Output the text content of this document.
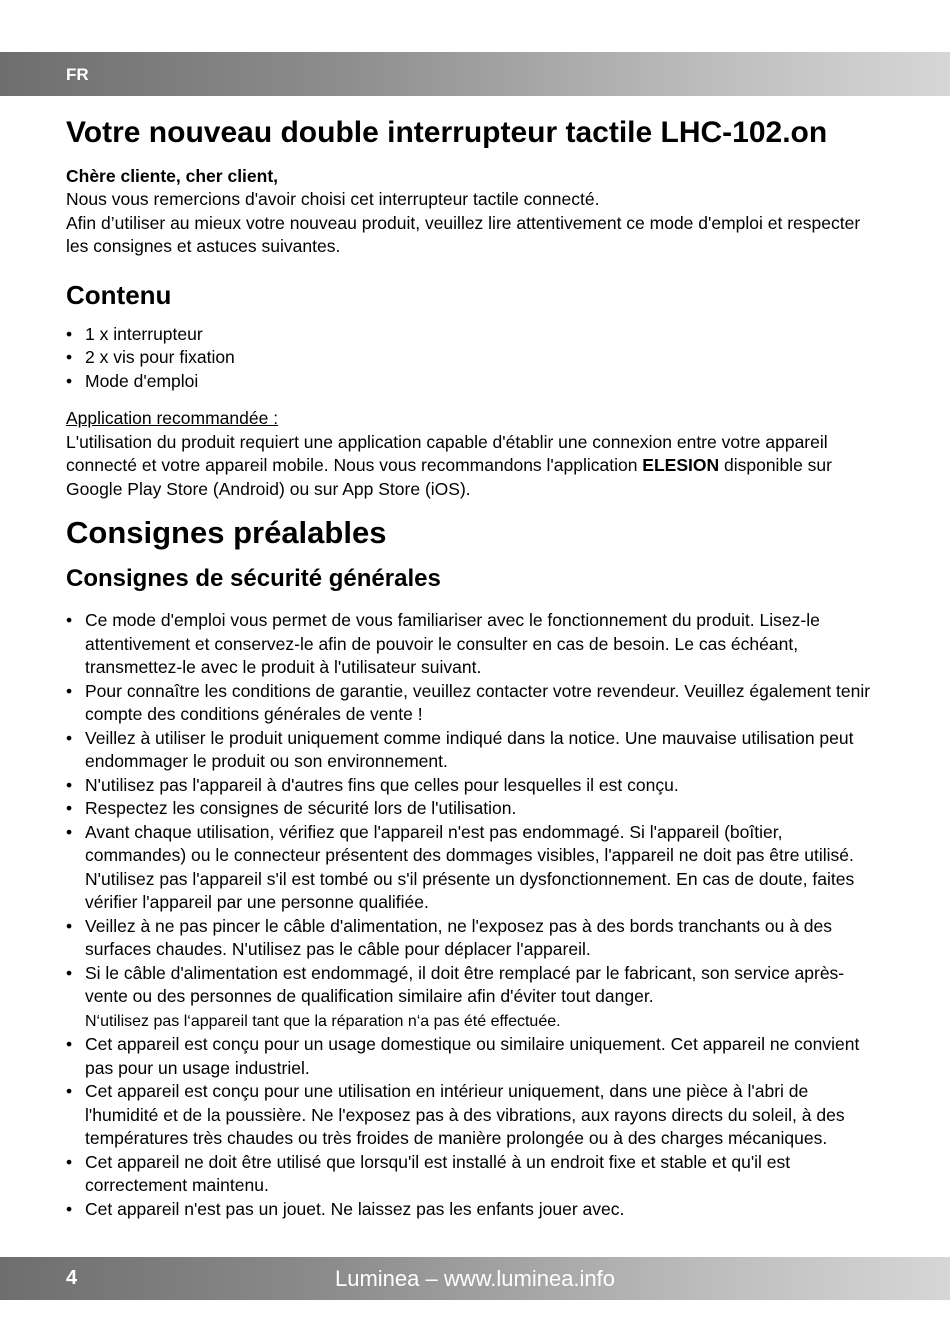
FR
Votre nouveau double interrupteur tactile LHC-102.on
Chère cliente, cher client,

Nous vous remercions d'avoir choisi cet interrupteur tactile connecté.

Afin d’utiliser au mieux votre nouveau produit, veuillez lire attentivement ce mode d'emploi et respecter les consignes et astuces suivantes.

Contenu
• 1 x interrupteur
• 2 x vis pour fixation
• Mode d'emploi
Application recommandée :

L'utilisation du produit requiert une application capable d'établir une connexion entre votre appareil connecté et votre appareil mobile. Nous vous recommandons l'application ELESION disponible sur Google Play Store (Android) ou sur App Store (iOS).

Consignes préalables
Consignes de sécurité générales
• Ce mode d'emploi vous permet de vous familiariser avec le fonctionnement du produit. Lisez-le attentivement et conservez-le afin de pouvoir le consulter en cas de besoin. Le cas échéant, transmettez-le avec le produit à l'utilisateur suivant.
• Pour connaître les conditions de garantie, veuillez contacter votre revendeur. Veuillez également tenir compte des conditions générales de vente !
• Veillez à utiliser le produit uniquement comme indiqué dans la notice. Une mauvaise utilisation peut endommager le produit ou son environnement.
• N'utilisez pas l'appareil à d'autres fins que celles pour lesquelles il est conçu.
• Respectez les consignes de sécurité lors de l'utilisation.
• Avant chaque utilisation, vérifiez que l'appareil n'est pas endommagé. Si l'appareil (boîtier, commandes) ou le connecteur présentent des dommages visibles, l'appareil ne doit pas être utilisé. N'utilisez pas l'appareil s'il est tombé ou s'il présente un dysfonctionnement. En cas de doute, faites vérifier l'appareil par une personne qualifiée.
• Veillez à ne pas pincer le câble d'alimentation, ne l'exposez pas à des bords tranchants ou à des surfaces chaudes. N'utilisez pas le câble pour déplacer l'appareil.
• Si le câble d'alimentation est endommagé, il doit être remplacé par le fabricant, son service après-vente ou des personnes de qualification similaire afin d'éviter tout danger.
N‘utilisez pas l‘appareil tant que la réparation n‘a pas été effectuée.
• Cet appareil est conçu pour un usage domestique ou similaire uniquement. Cet appareil ne convient pas pour un usage industriel.
• Cet appareil est conçu pour une utilisation en intérieur uniquement, dans une pièce à l'abri de l'humidité et de la poussière. Ne l'exposez pas à des vibrations, aux rayons directs du soleil, à des températures très chaudes ou très froides de manière prolongée ou à des charges mécaniques.
• Cet appareil ne doit être utilisé que lorsqu'il est installé à un endroit fixe et stable et qu'il est correctement maintenu.
• Cet appareil n'est pas un jouet. Ne laissez pas les enfants jouer avec.
4	Luminea – www.luminea.info
